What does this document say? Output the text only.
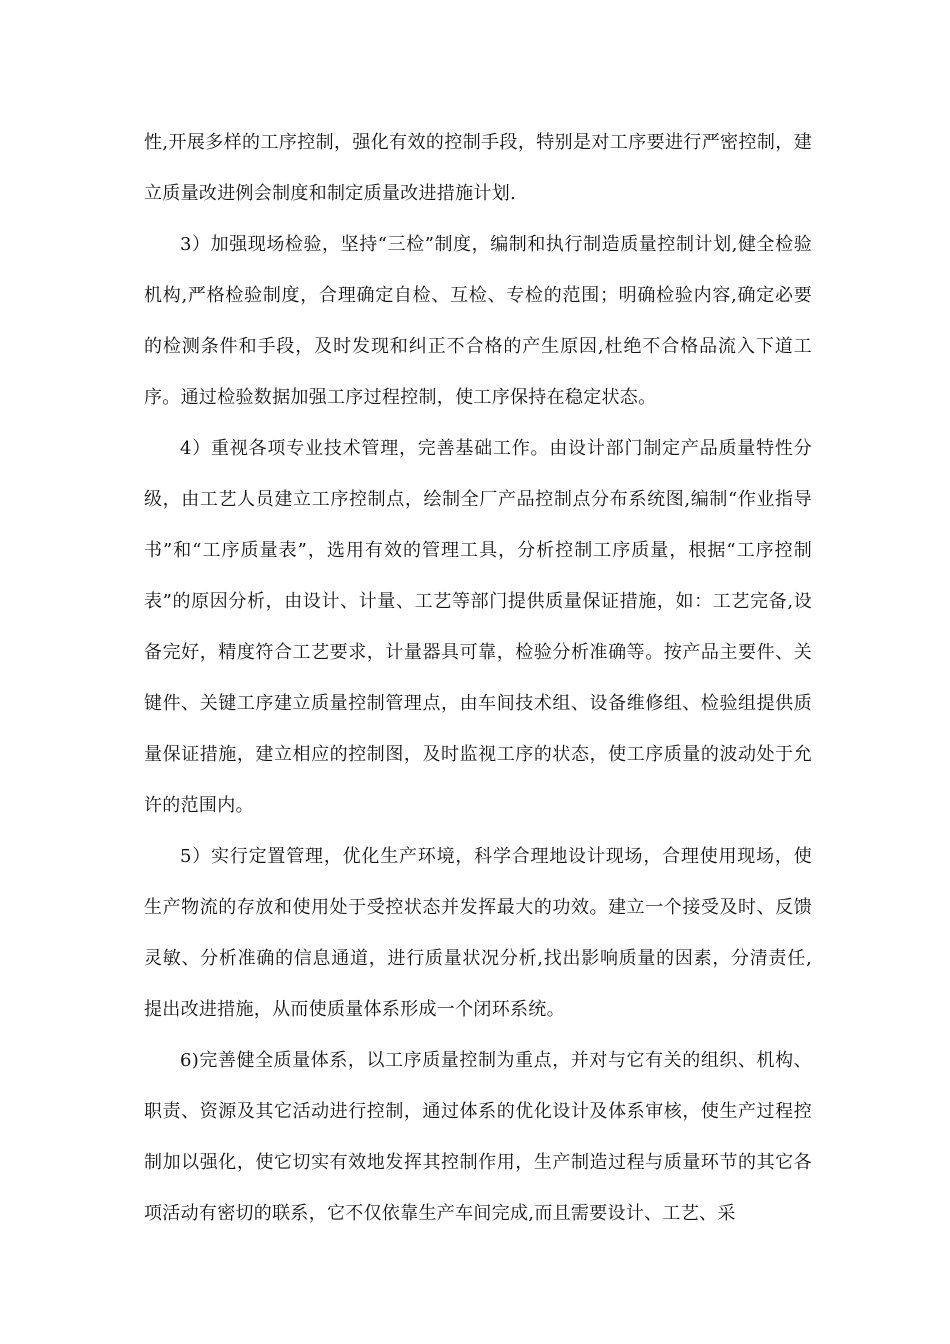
性,开展多样的工序控制，强化有效的控制手段，特别是对工序要进行严密控制，建立质量改进例会制度和制定质量改进措施计划.

3）加强现场检验，坚持“三检”制度，编制和执行制造质量控制计划,健全检验机构,严格检验制度，合理确定自检、互检、专检的范围；明确检验内容,确定必要的检测条件和手段，及时发现和纠正不合格的产生原因,杜绝不合格品流入下道工序。通过检验数据加强工序过程控制，使工序保持在稳定状态。

4）重视各项专业技术管理，完善基础工作。由设计部门制定产品质量特性分级，由工艺人员建立工序控制点，绘制全厂产品控制点分布系统图,编制“作业指导书”和“工序质量表”，选用有效的管理工具，分析控制工序质量，根据“工序控制表”的原因分析，由设计、计量、工艺等部门提供质量保证措施，如：工艺完备,设备完好，精度符合工艺要求，计量器具可靠，检验分析准确等。按产品主要件、关键件、关键工序建立质量控制管理点，由车间技术组、设备维修组、检验组提供质量保证措施，建立相应的控制图，及时监视工序的状态，使工序质量的波动处于允许的范围内。

5）实行定置管理，优化生产环境，科学合理地设计现场，合理使用现场，使生产物流的存放和使用处于受控状态并发挥最大的功效。建立一个接受及时、反馈灵敏、分析准确的信息通道，进行质量状况分析,找出影响质量的因素，分清责任,提出改进措施，从而使质量体系形成一个闭环系统。

6)完善健全质量体系，以工序质量控制为重点，并对与它有关的组织、机构、职责、资源及其它活动进行控制，通过体系的优化设计及体系审核，使生产过程控制加以强化，使它切实有效地发挥其控制作用，生产制造过程与质量环节的其它各项活动有密切的联系，它不仅依靠生产车间完成,而且需要设计、工艺、采
